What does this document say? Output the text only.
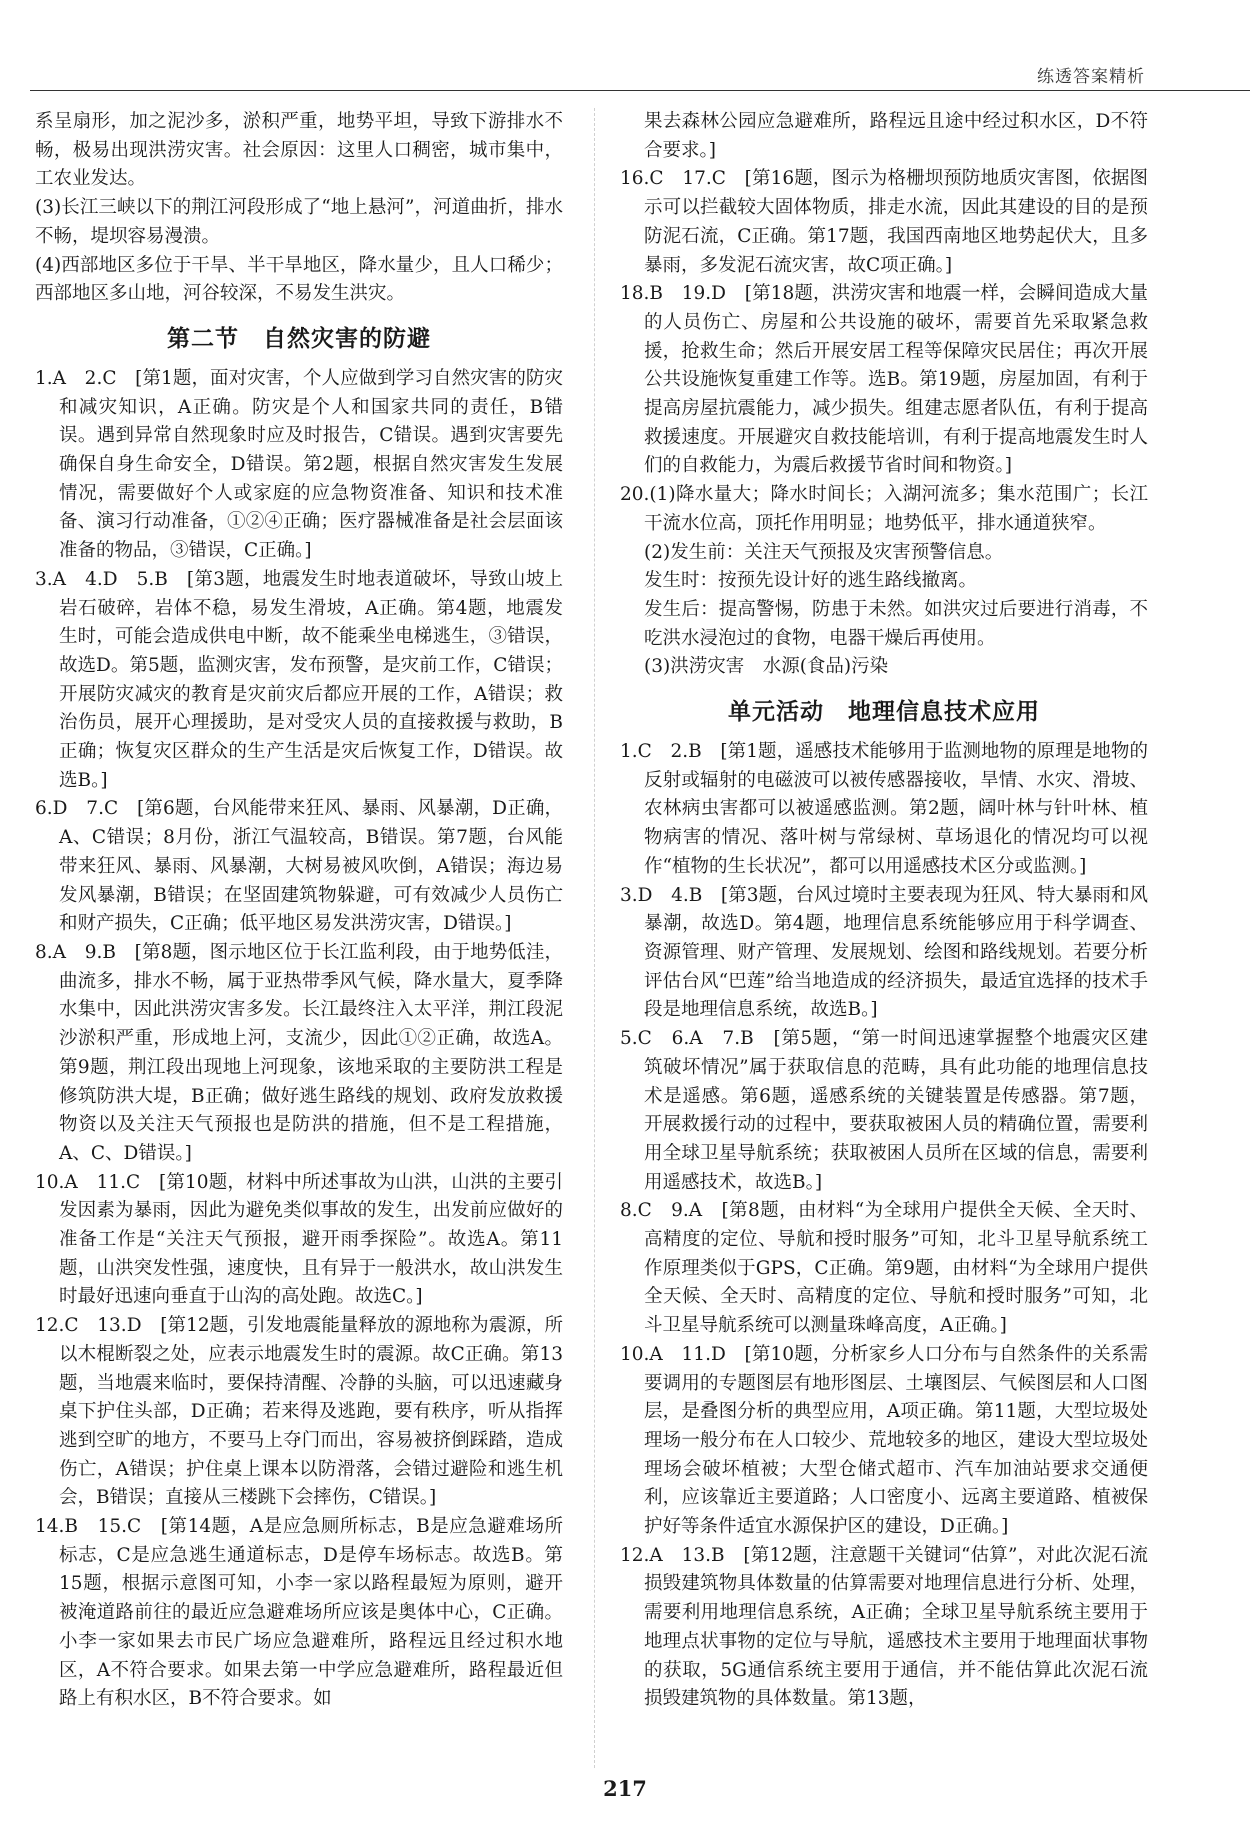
练透答案精析

系呈扇形，加之泥沙多，淤积严重，地势平坦，导致下游排水不畅，极易出现洪涝灾害。社会原因：这里人口稠密，城市集中，工农业发达。

(3)长江三峡以下的荆江河段形成了“地上悬河”，河道曲折，排水不畅，堤坝容易漫溃。

(4)西部地区多位于干旱、半干旱地区，降水量少，且人口稀少；西部地区多山地，河谷较深，不易发生洪灾。

第二节　自然灾害的防避

1.A　2.C　[第1题，面对灾害，个人应做到学习自然灾害的防灾和减灾知识，A正确。防灾是个人和国家共同的责任，B错误。遇到异常自然现象时应及时报告，C错误。遇到灾害要先确保自身生命安全，D错误。第2题，根据自然灾害发生发展情况，需要做好个人或家庭的应急物资准备、知识和技术准备、演习行动准备，①②④正确；医疗器械准备是社会层面该准备的物品，③错误，C正确。]

3.A　4.D　5.B　[第3题，地震发生时地表道破坏，导致山坡上岩石破碎，岩体不稳，易发生滑坡，A正确。第4题，地震发生时，可能会造成供电中断，故不能乘坐电梯逃生，③错误，故选D。第5题，监测灾害，发布预警，是灾前工作，C错误；开展防灾减灾的教育是灾前灾后都应开展的工作，A错误；救治伤员，展开心理援助，是对受灾人员的直接救援与救助，B正确；恢复灾区群众的生产生活是灾后恢复工作，D错误。故选B。]

6.D　7.C　[第6题，台风能带来狂风、暴雨、风暴潮，D正确，A、C错误；8月份，浙江气温较高，B错误。第7题，台风能带来狂风、暴雨、风暴潮，大树易被风吹倒，A错误；海边易发风暴潮，B错误；在坚固建筑物躲避，可有效减少人员伤亡和财产损失，C正确；低平地区易发洪涝灾害，D错误。]

8.A　9.B　[第8题，图示地区位于长江监利段，由于地势低洼，曲流多，排水不畅，属于亚热带季风气候，降水量大，夏季降水集中，因此洪涝灾害多发。长江最终注入太平洋，荆江段泥沙淤积严重，形成地上河，支流少，因此①②正确，故选A。第9题，荆江段出现地上河现象，该地采取的主要防洪工程是修筑防洪大堤，B正确；做好逃生路线的规划、政府发放救援物资以及关注天气预报也是防洪的措施，但不是工程措施，A、C、D错误。]

10.A　11.C　[第10题，材料中所述事故为山洪，山洪的主要引发因素为暴雨，因此为避免类似事故的发生，出发前应做好的准备工作是“关注天气预报，避开雨季探险”。故选A。第11题，山洪突发性强，速度快，且有异于一般洪水，故山洪发生时最好迅速向垂直于山沟的高处跑。故选C。]

12.C　13.D　[第12题，引发地震能量释放的源地称为震源，所以木棍断裂之处，应表示地震发生时的震源。故C正确。第13题，当地震来临时，要保持清醒、冷静的头脑，可以迅速藏身桌下护住头部，D正确；若来得及逃跑，要有秩序，听从指挥逃到空旷的地方，不要马上夺门而出，容易被挤倒踩踏，造成伤亡，A错误；护住桌上课本以防滑落，会错过避险和逃生机会，B错误；直接从三楼跳下会摔伤，C错误。]

14.B　15.C　[第14题，A是应急厕所标志，B是应急避难场所标志，C是应急逃生通道标志，D是停车场标志。故选B。第15题，根据示意图可知，小李一家以路程最短为原则，避开被淹道路前往的最近应急避难场所应该是奥体中心，C正确。小李一家如果去市民广场应急避难所，路程远且经过积水地区，A不符合要求。如果去第一中学应急避难所，路程最近但路上有积水区，B不符合要求。如

果去森林公园应急避难所，路程远且途中经过积水区，D不符合要求。]

16.C　17.C　[第16题，图示为格栅坝预防地质灾害图，依据图示可以拦截较大固体物质，排走水流，因此其建设的目的是预防泥石流，C正确。第17题，我国西南地区地势起伏大，且多暴雨，多发泥石流灾害，故C项正确。]

18.B　19.D　[第18题，洪涝灾害和地震一样，会瞬间造成大量的人员伤亡、房屋和公共设施的破坏，需要首先采取紧急救援，抢救生命；然后开展安居工程等保障灾民居住；再次开展公共设施恢复重建工作等。选B。第19题，房屋加固，有利于提高房屋抗震能力，减少损失。组建志愿者队伍，有利于提高救援速度。开展避灾自救技能培训，有利于提高地震发生时人们的自救能力，为震后救援节省时间和物资。]

20.(1)降水量大；降水时间长；入湖河流多；集水范围广；长江干流水位高，顶托作用明显；地势低平，排水通道狭窄。

(2)发生前：关注天气预报及灾害预警信息。

发生时：按预先设计好的逃生路线撤离。

发生后：提高警惕，防患于未然。如洪灾过后要进行消毒，不吃洪水浸泡过的食物，电器干燥后再使用。

(3)洪涝灾害　水源(食品)污染

单元活动　地理信息技术应用

1.C　2.B　[第1题，遥感技术能够用于监测地物的原理是地物的反射或辐射的电磁波可以被传感器接收，旱情、水灾、滑坡、农林病虫害都可以被遥感监测。第2题，阔叶林与针叶林、植物病害的情况、落叶树与常绿树、草场退化的情况均可以视作“植物的生长状况”，都可以用遥感技术区分或监测。]

3.D　4.B　[第3题，台风过境时主要表现为狂风、特大暴雨和风暴潮，故选D。第4题，地理信息系统能够应用于科学调查、资源管理、财产管理、发展规划、绘图和路线规划。若要分析评估台风“巴莲”给当地造成的经济损失，最适宜选择的技术手段是地理信息系统，故选B。]

5.C　6.A　7.B　[第5题，“第一时间迅速掌握整个地震灾区建筑破坏情况”属于获取信息的范畴，具有此功能的地理信息技术是遥感。第6题，遥感系统的关键装置是传感器。第7题，开展救援行动的过程中，要获取被困人员的精确位置，需要利用全球卫星导航系统；获取被困人员所在区域的信息，需要利用遥感技术，故选B。]

8.C　9.A　[第8题，由材料“为全球用户提供全天候、全天时、高精度的定位、导航和授时服务”可知，北斗卫星导航系统工作原理类似于GPS，C正确。第9题，由材料“为全球用户提供全天候、全天时、高精度的定位、导航和授时服务”可知，北斗卫星导航系统可以测量珠峰高度，A正确。]

10.A　11.D　[第10题，分析家乡人口分布与自然条件的关系需要调用的专题图层有地形图层、土壤图层、气候图层和人口图层，是叠图分析的典型应用，A项正确。第11题，大型垃圾处理场一般分布在人口较少、荒地较多的地区，建设大型垃圾处理场会破坏植被；大型仓储式超市、汽车加油站要求交通便利，应该靠近主要道路；人口密度小、远离主要道路、植被保护好等条件适宜水源保护区的建设，D正确。]

12.A　13.B　[第12题，注意题干关键词“估算”，对此次泥石流损毁建筑物具体数量的估算需要对地理信息进行分析、处理，需要利用地理信息系统，A正确；全球卫星导航系统主要用于地理点状事物的定位与导航，遥感技术主要用于地理面状事物的获取，5G通信系统主要用于通信，并不能估算此次泥石流损毁建筑物的具体数量。第13题，

217
